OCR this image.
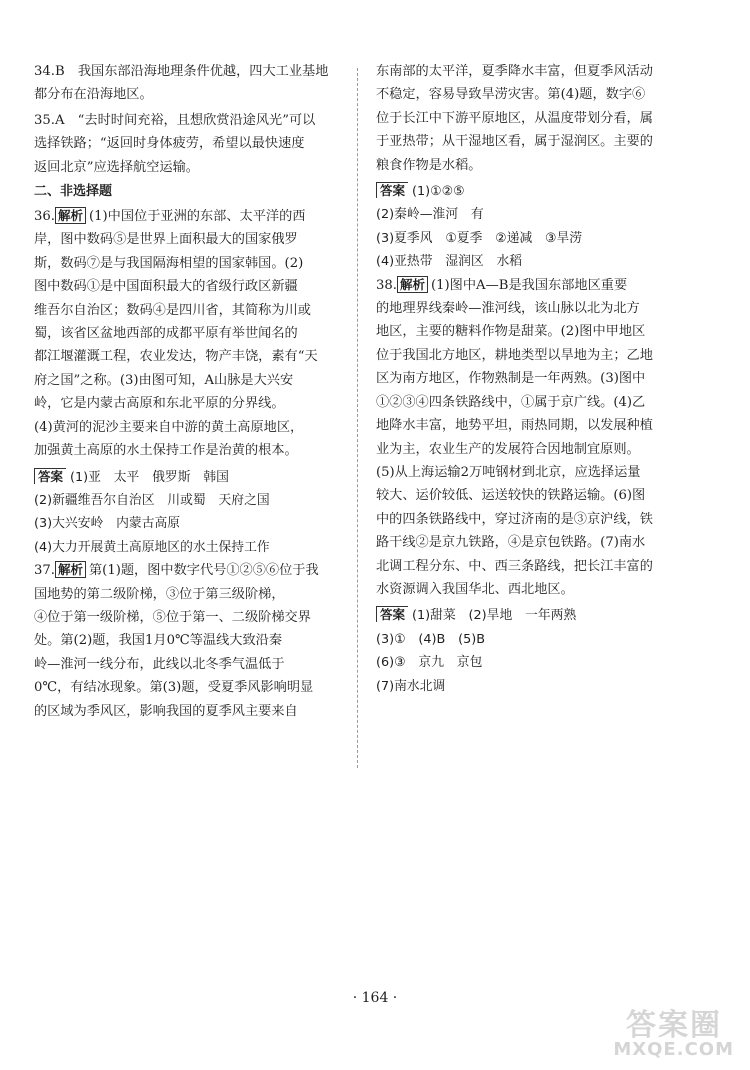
34.B　我国东部沿海地理条件优越，四大工业基地
都分布在沿海地区。
35.A　“去时时间充裕，且想欣赏沿途风光”可以
选择铁路；“返回时身体疲劳，希望以最快速度
返回北京”应选择航空运输。
二、非选择题
36. 解析 (1)中国位于亚洲的东部、太平洋的西
岸，图中数码⑤是世界上面积最大的国家俄罗
斯，数码⑦是与我国隔海相望的国家韩国。(2)
图中数码①是中国面积最大的省级行政区新疆
维吾尔自治区；数码④是四川省，其简称为川或
蜀，该省区盆地西部的成都平原有举世闻名的
都江堰灌溉工程，农业发达，物产丰饶，素有“天
府之国”之称。(3)由图可知，A山脉是大兴安
岭，它是内蒙古高原和东北平原的分界线。
(4)黄河的泥沙主要来自中游的黄土高原地区，
加强黄土高原的水土保持工作是治黄的根本。
答案 (1)亚　太平　俄罗斯　韩国
(2)新疆维吾尔自治区　川或蜀　天府之国
(3)大兴安岭　内蒙古高原
(4)大力开展黄土高原地区的水土保持工作
37. 解析 第(1)题，图中数字代号①②⑤⑥位于我
国地势的第二级阶梯，③位于第三级阶梯，
④位于第一级阶梯，⑤位于第一、二级阶梯交界
处。第(2)题，我国1月0℃等温线大致沿秦
岭—淮河一线分布，此线以北冬季气温低于
0℃，有结冰现象。第(3)题，受夏季风影响明显
的区域为季风区，影响我国的夏季风主要来自
东南部的太平洋，夏季降水丰富，但夏季风活动
不稳定，容易导致旱涝灾害。第(4)题，数字⑥
位于长江中下游平原地区，从温度带划分看，属
于亚热带；从干湿地区看，属于湿润区。主要的
粮食作物是水稻。
答案 (1)①②⑤
(2)秦岭—淮河　有
(3)夏季风　①夏季　②递减　③旱涝
(4)亚热带　湿润区　水稻
38. 解析 (1)图中A—B是我国东部地区重要
的地理界线秦岭—淮河线，该山脉以北为北方
地区，主要的糖料作物是甜菜。(2)图中甲地区
位于我国北方地区，耕地类型以旱地为主；乙地
区为南方地区，作物熟制是一年两熟。(3)图中
①②③④四条铁路线中，①属于京广线。(4)乙
地降水丰富，地势平坦，雨热同期，以发展种植
业为主，农业生产的发展符合因地制宜原则。
(5)从上海运输2万吨钢材到北京，应选择运量
较大、运价较低、运送较快的铁路运输。(6)图
中的四条铁路线中，穿过济南的是③京沪线，铁
路干线②是京九铁路，④是京包铁路。(7)南水
北调工程分东、中、西三条路线，把长江丰富的
水资源调入我国华北、西北地区。
答案 (1)甜菜　(2)旱地　一年两熟
(3)①　(4)B　(5)B
(6)③　京九　京包
(7)南水北调
· 164 ·
答案圈
MXQE.COM
